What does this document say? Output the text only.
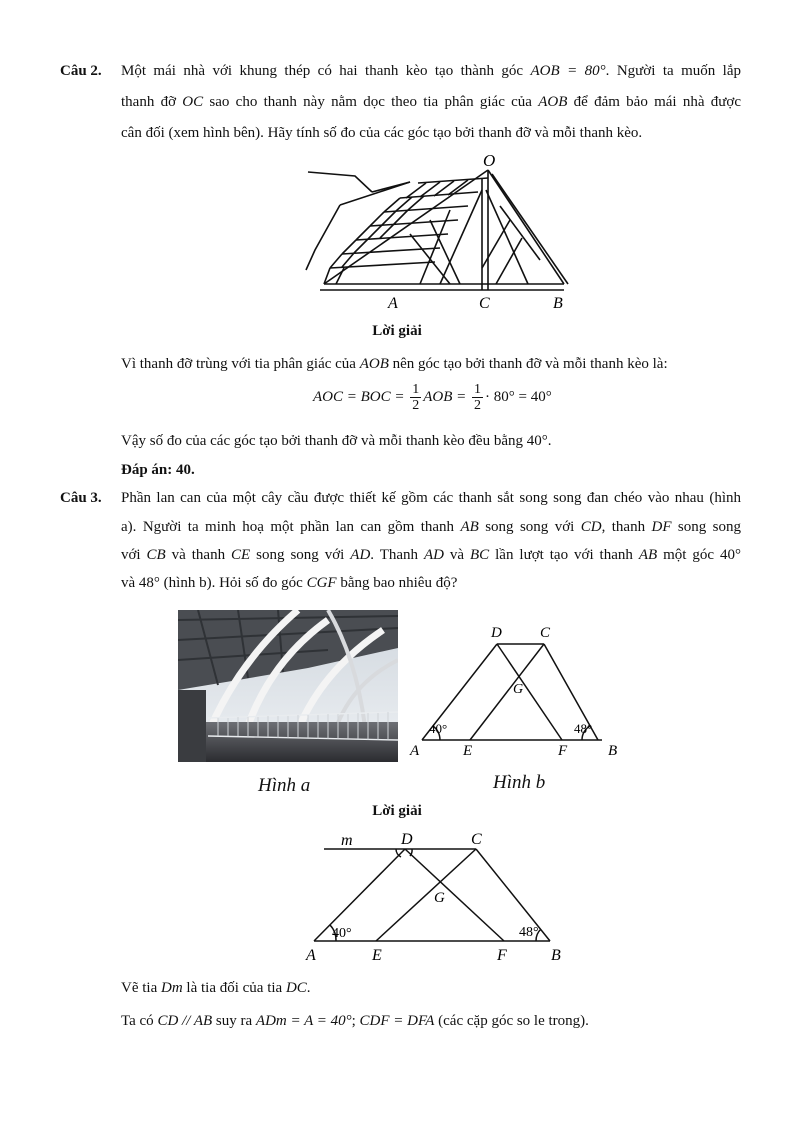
Câu 2. Một mái nhà với khung thép có hai thanh kèo tạo thành góc AOB = 80°. Người ta muốn lắp
thanh đỡ OC sao cho thanh này nằm dọc theo tia phân giác của AOB để đảm bảo mái nhà được
cân đối (xem hình bên). Hãy tính số đo của các góc tạo bởi thanh đỡ và mỗi thanh kèo.
O
A	C	B
Lời giải
Vì thanh đỡ trùng với tia phân giác của AOB nên góc tạo bởi thanh đỡ và mỗi thanh kèo là:
AOC = BOC = $\frac{1}{2}$ AOB = $\frac{1}{2} \cdot 80^\circ = 40^\circ$
Vậy số đo của các góc tạo bởi thanh đỡ và mỗi thanh kèo đều bằng 40°.
Đáp án: 40.
Câu 3. Phần lan can của một cây cầu được thiết kế gồm các thanh sắt song song đan chéo vào nhau (hình
a). Người ta minh hoạ một phần lan can gồm thanh AB song song với CD, thanh DF song song
với CB và thanh CE song song với AD. Thanh AD và BC lần lượt tạo với thanh AB một góc 40°
và 48° (hình b). Hỏi số đo góc CGF bằng bao nhiêu độ?
D	C
G
A	E	F	B
40°	48°
Hình a	Hình b
Lời giải
m	D	C
G
A	E	F	B
40°	48°
Vẽ tia Dm là tia đối của tia DC.
Ta có CD // AB suy ra ADm = A = 40°; CDF = DFA (các cặp góc so le trong).
